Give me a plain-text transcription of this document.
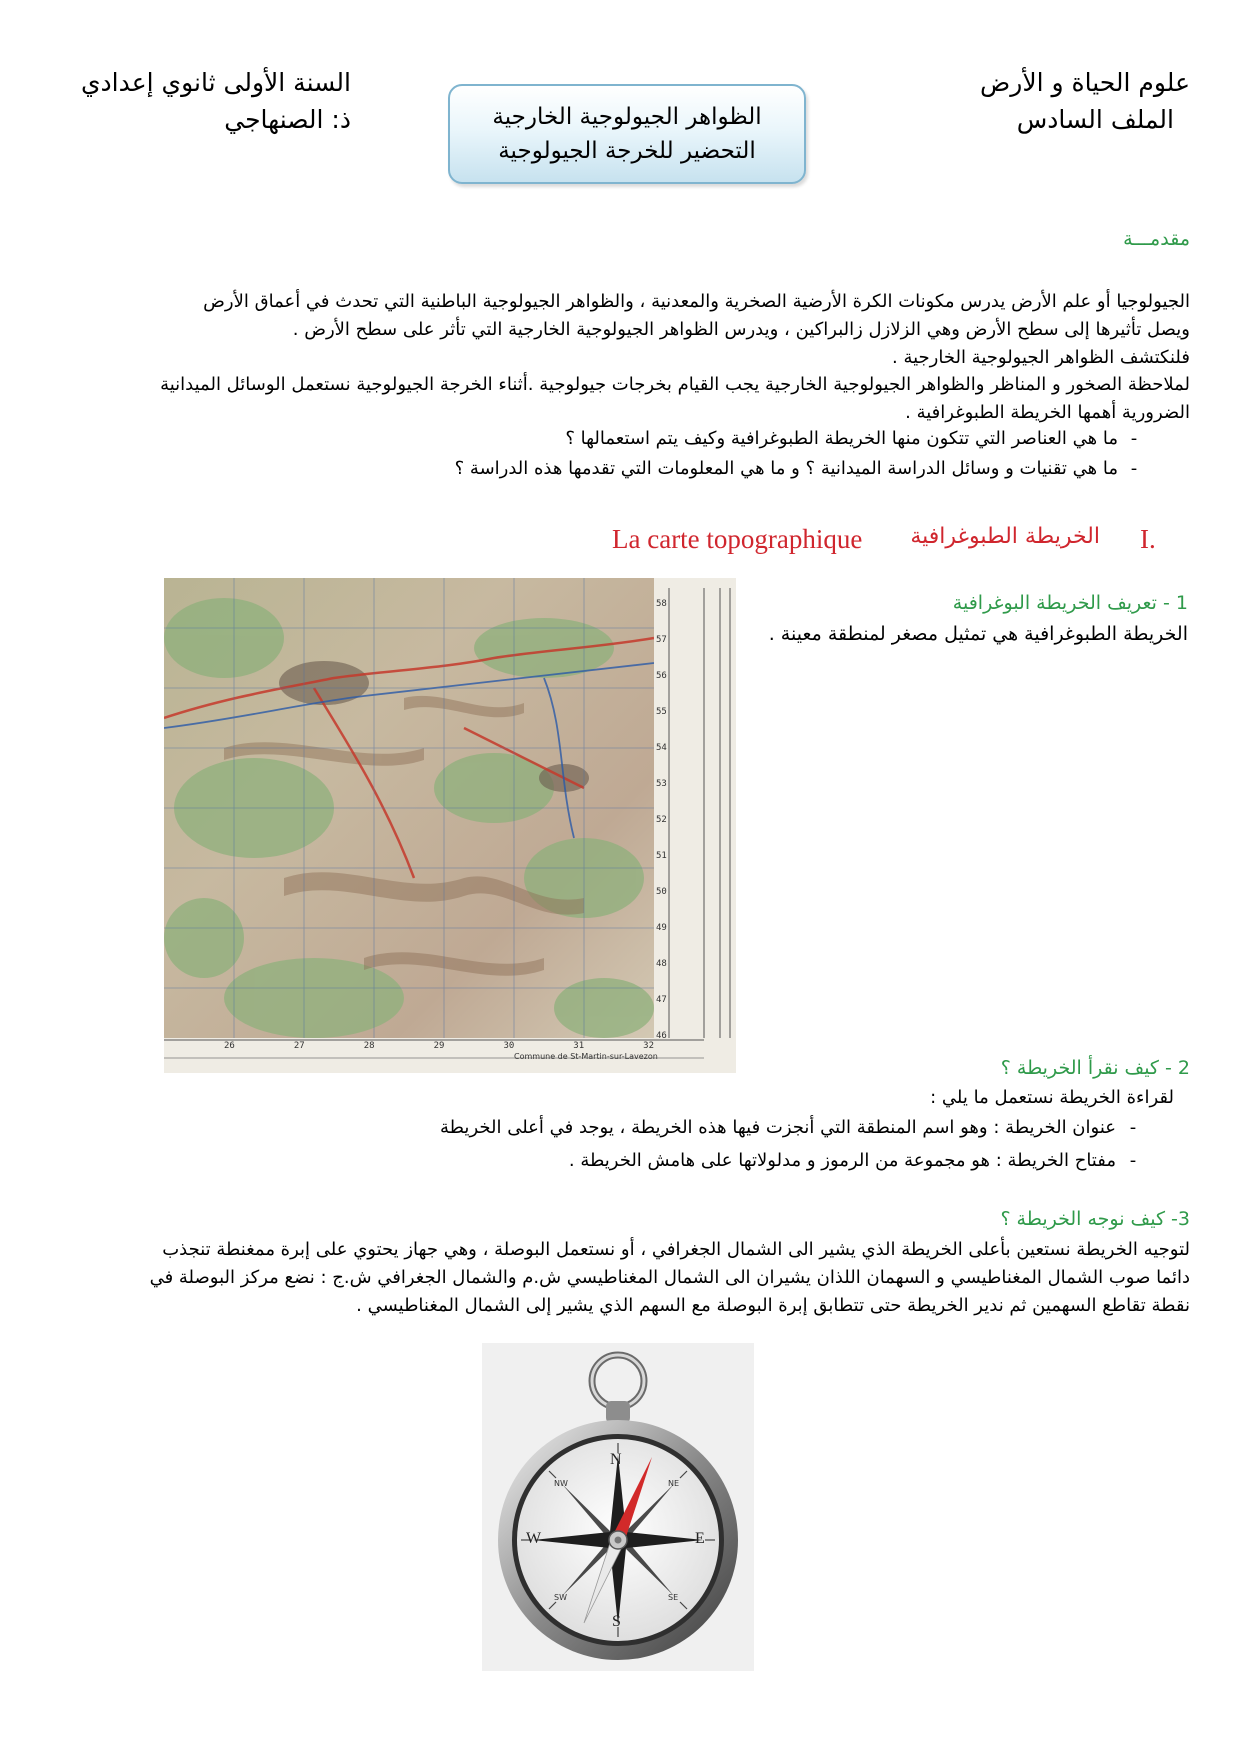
علوم الحياة و الأرض
الملف السادس
السنة الأولى ثانوي إعدادي
ذ: الصنهاجي	الظواهر الجيولوجية الخارجية
التحضير للخرجة الجيولوجية
مقدمـــة
الجيولوجيا أو علم الأرض يدرس مكونات الكرة الأرضية الصخرية والمعدنية ، والظواهر الجيولوجية الباطنية التي تحدث في أعماق الأرض
ويصل تأثيرها إلى سطح الأرض وهي الزلازل زالبراكين ، ويدرس الظواهر الجيولوجية الخارجية التي تأثر على سطح الأرض .
فلنكتشف الظواهر الجيولوجية الخارجية .
لملاحظة الصخور و المناظر والظواهر الجيولوجية الخارجية يجب القيام بخرجات جيولوجية .أثناء الخرجة الجيولوجية نستعمل الوسائل الميدانية
الضرورية أهمها الخريطة الطبوغرافية .
-ما هي العناصر التي تتكون منها الخريطة الطبوغرافية وكيف يتم استعمالها ؟
-ما هي تقنيات و وسائل الدراسة الميدانية ؟ و ما هي المعلومات التي تقدمها هذه الدراسة ؟
La carte topographique	الخريطة الطبوغرافية I.
58
57
56
55
54
53
52
51
50
49
48
47
46
26	27	28	29	30	31	32
Commune de St-Martin-sur-Lavezon
1 - تعريف الخريطة البوغرافية
الخريطة الطبوغرافية هي تمثيل مصغر لمنطقة معينة .
2 - كيف نقرأ الخريطة ؟
لقراءة الخريطة نستعمل ما يلي :
-عنوان الخريطة : وهو اسم المنطقة التي أنجزت فيها هذه الخريطة ، يوجد في أعلى الخريطة
-مفتاح الخريطة : هو مجموعة من الرموز و مدلولاتها على هامش الخريطة .
3- كيف نوجه الخريطة ؟
لتوجيه الخريطة نستعين بأعلى الخريطة الذي يشير الى الشمال الجغرافي ، أو نستعمل البوصلة ، وهي جهاز يحتوي على إبرة ممغنطة تنجذب
دائما صوب الشمال المغناطيسي و السهمان اللذان يشيران الى الشمال المغناطيسي ش.م والشمال الجغرافي ش.ج : نضع مركز البوصلة في
نقطة تقاطع السهمين ثم ندير الخريطة حتى تتطابق إبرة البوصلة مع السهم الذي يشير إلى الشمال المغناطيسي .
N
S
E
W
NE
NW
SE
SW
